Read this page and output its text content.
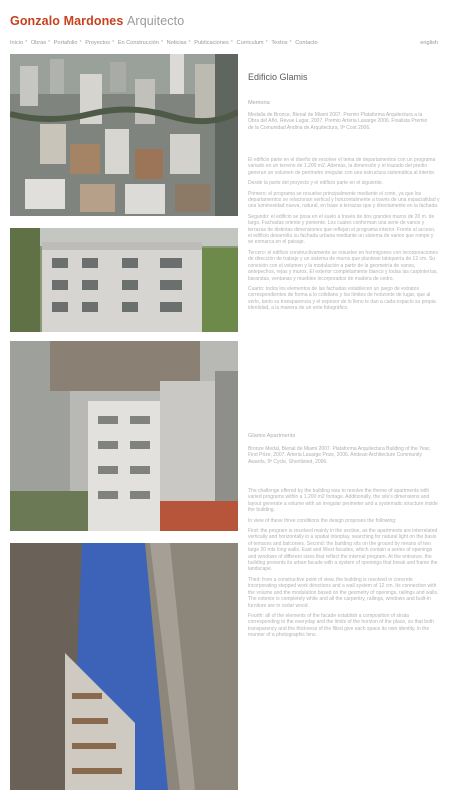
Gonzalo Mardones Arquitecto
Inicio * Obras * Portafolio * Proyectos * En Construcción * Noticias * Publicaciones * Curriculum * Textos * Contacto	english
Edificio Glamis
Memoria
Medalla de Bronce, Bienal de Miami 2007. Premio Plataforma Arquitectura a la Obra del Año. Revue Lugar, 2007. Premio Arteria Lasarge 2006. Finalista Premio de la Comunidad Andina de Arquitectura, 9ª Cost 2006.

El edificio parte en el diseño de resolver el tema de departamentos con un programa variado en un terreno de 1.200 m2. Además, la dimensión y el trazado del predio generan un volumen de perímetro irregular con una estructura sistemática al interior.

Desde la parte del proyecto y el edificio parte en el siguiente.

Primero: el programa se resuelve principalmente mediante el corte, ya que los departamentos se relacionan vertical y horizontalmente a través de una espacialidad y una luminosidad nueva, natural, en base a terrazas que y directamente en la fachada.

Segundo: el edificio se posa en el suelo a través de dos grandes muros de 20 m. de largo. Fachadas oriente y poniente. Los cuales conforman una serie de vanos y terrazas de distintas dimensiones que reflejan el programa interior. Frente al acceso, el edificio desarrolla su fachada urbana mediante un sistema de vanos que rompe y se enmarca en el paisaje.

Tercero: el edificio constructivamente se resuelve en hormigones con incorporaciones de dirección de trabajo y un sistema de muros que plantean tabiquería de 12 cm. Su conexión con el volumen y la modulación a partir de la geometría de vanos, antepechos, rejas y muros. El exterior completamente blanco y todas las carpinterías, barandas, ventanas y muebles incorporados de madera de cedro.

Cuarto: todos los elementos de las fachadas establecen un juego de estratos correspondientes de forma a lo cotidiano y los límites de horizonte de lugar, que al verlo, tanto su transparencia y el espesor de lo lleno le dan a cada espacio su propia identidad, a la manera de un ente fotográfico.

Glamis Apartments
Bronze Medal, Bienal de Miami 2007. Plataforma Arquitectura Building of the Year, First Prize, 2007. Arteria Lasarge Prize, 2006. Andean Architecture Community Awards, 9ª Cycle, Shortlisted, 2006.

The challenge offered by the building was to resolve the theme of apartments with varied programs within a 1.200 m2 footage. Additionally, the site's dimensions and layout generate a volume with an irregular perimeter and a systematic structure inside the building.

In view of these three conditions the design proposes the following:

First: the program is resolved mainly in the section, as the apartments are interrelated vertically and horizontally in a spatial interplay, searching for natural light on the basis of terraces and balconies. Second: the building sits on the ground by means of two large 20 mts long walls. East and West facades, which contain a series of openings and windows of different sizes that reflect the internal program. At the entrance, the building presents its urban facade with a system of openings that break and frame the landscape.

Third: from a constructive point of view, the building is resolved in concrete incorporating stepped work directions and a wall system of 12 cm. Its connection with the volume and the modulation based on the geometry of openings, railings and walls. The exterior is completely white and all the carpentry, railings, windows and built-in furniture are in cedar wood.

Fourth: all of the elements of the facade establish a composition of strata corresponding to the everyday and the limits of the horizon of the place, so that both transparency and the thickness of the filled give each space its own identity, in the manner of a photographic lens.
